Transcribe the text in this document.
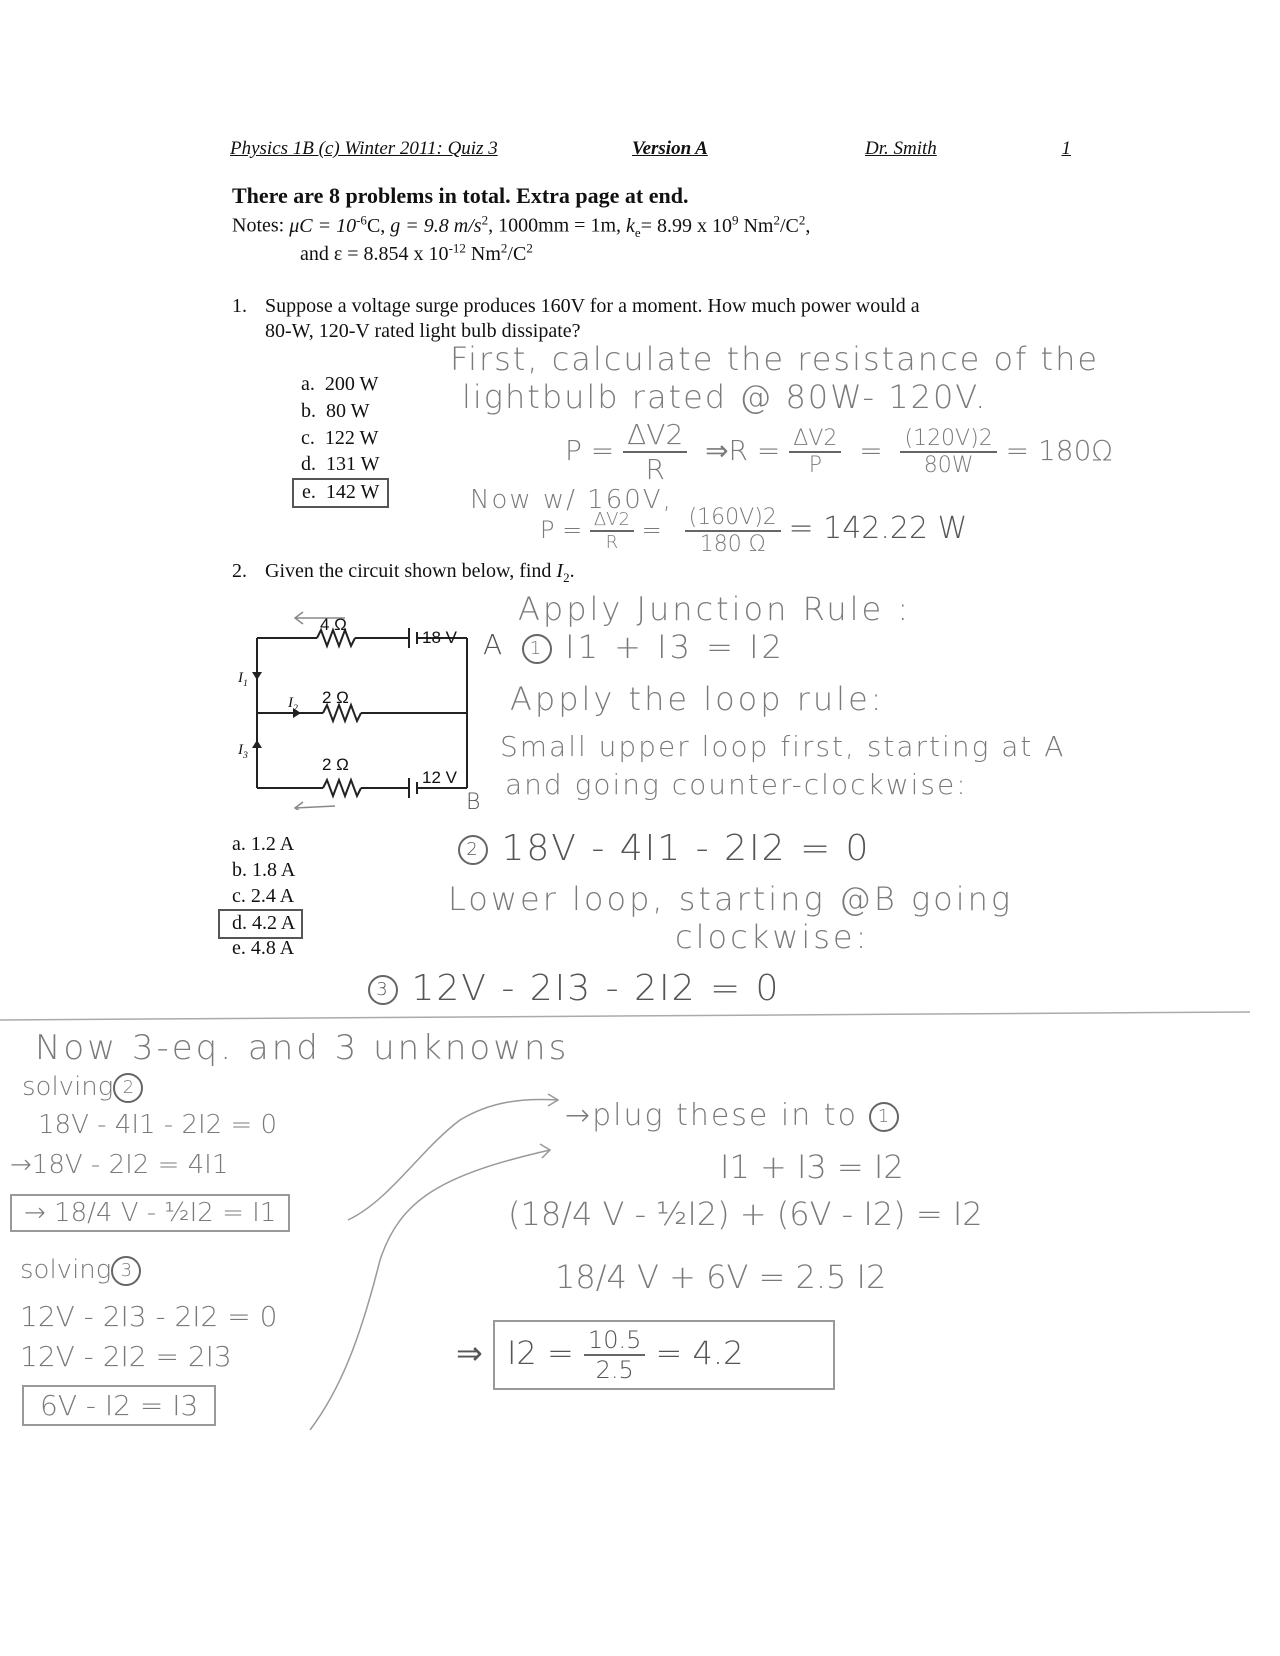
Physics 1B (c) Winter 2011: Quiz 3	Version A	Dr. Smith	1
There are 8 problems in total. Extra page at end.
Notes: $\mu C = 10^{-6}C$, g = 9.8 $m/s^2$, 1000mm = 1m, $k_e= 8.99$ x $10^9$ $Nm^2/C^2$,
and ε = 8.854 x $10^{-12}$ $Nm^2/C^2$
1. Suppose a voltage surge produces 160V for a moment. How much power would a
80-W, 120-V rated light bulb dissipate?
a. 200 W
b. 80 W
c. 122 W
d. 131 W
e. 142 W
First, calculate the resistance of the
lightbulb rated @ 80W- 120V.
$P = \frac{\Delta V2}{R}$ ⇒R = $\frac{\Delta V2}{P} = \frac{(120V)2}{80W} = 180\Omega$
Now w/ 160V,
$P = \frac{\Delta V2}{R} = \frac{(160V)2}{180 \Omega} = 142.22$ W
2. Given the circuit shown below, find $I_2$.
4 Ω
18 V
2 Ω
2 Ω
12 V
$I_1$
$I_2$
$I_3$
A
B
a. 1.2 A
b. 1.8 A
c. 2.4 A
d. 4.2 A
e. 4.8 A
Apply Junction Rule :
1 I1 + I3 = I2
Apply the loop rule:
Small upper loop first, starting at A
and going counter-clockwise:
2 18V - 4I1 - 2I2 = 0
Lower loop, starting @B going
clockwise:
3 12V - 2I3 - 2I2 = 0
Now 3-eq. and 3 unknowns
solving 2
18V - 4I1 - 2I2 = 0
→18V - 2I2 = 4I1
→ 18/4 V - ½I2 = I1
solving 3
12V - 2I3 - 2I2 = 0
12V - 2I2 = 2I3
6V - I2 = I3
→plug these in to 1
I1 + I3 = I2
(18/4 V - ½I2) + (6V - I2) = I2
18/4 V + 6V = 2.5 I2
⇒ $I2 = \frac{10.5}{2.5} = 4.2$
